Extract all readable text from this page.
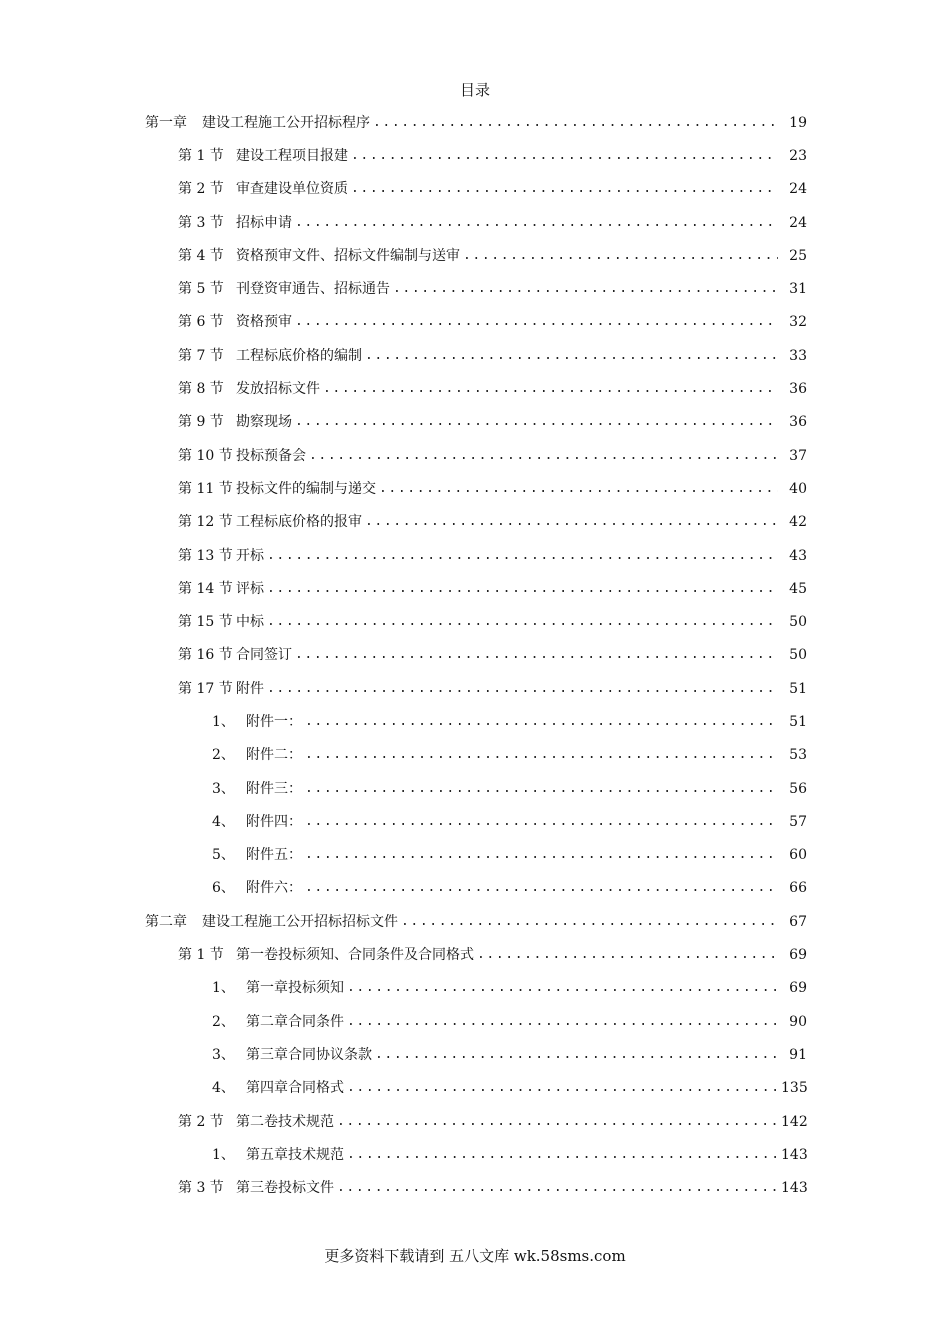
目录
第一章	建设工程施工公开招标程序 .....	19
第 1 节 建设工程项目报建 .....	23
第 2 节 审查建设单位资质 .....	24
第 3 节 招标申请 .....	24
第 4 节 资格预审文件、招标文件编制与送审 .....	25
第 5 节 刊登资审通告、招标通告 .....	31
第 6 节 资格预审 .....	32
第 7 节 工程标底价格的编制 .....	33
第 8 节 发放招标文件 .....	36
第 9 节 勘察现场 .....	36
第 10 节 投标预备会 .....	37
第 11 节 投标文件的编制与递交 .....	40
第 12 节 工程标底价格的报审 .....	42
第 13 节 开标 .....	43
第 14 节 评标 .....	45
第 15 节 中标 .....	50
第 16 节 合同签订 .....	50
第 17 节 附件 .....	51
1、 附件一： .....	51
2、 附件二： .....	53
3、 附件三： .....	56
4、 附件四： .....	57
5、 附件五： .....	60
6、 附件六： .....	66
第二章	建设工程施工公开招标招标文件 .....	67
第 1 节 第一卷投标须知、合同条件及合同格式 .....	69
1、 第一章投标须知 .....	69
2、 第二章合同条件 .....	90
3、 第三章合同协议条款 .....	91
4、 第四章合同格式 .....	135
第 2 节 第二卷技术规范 .....	142
1、 第五章技术规范 .....	143
第 3 节 第三卷投标文件 .....	143
更多资料下载请到 五八文库 wk.58sms.com
